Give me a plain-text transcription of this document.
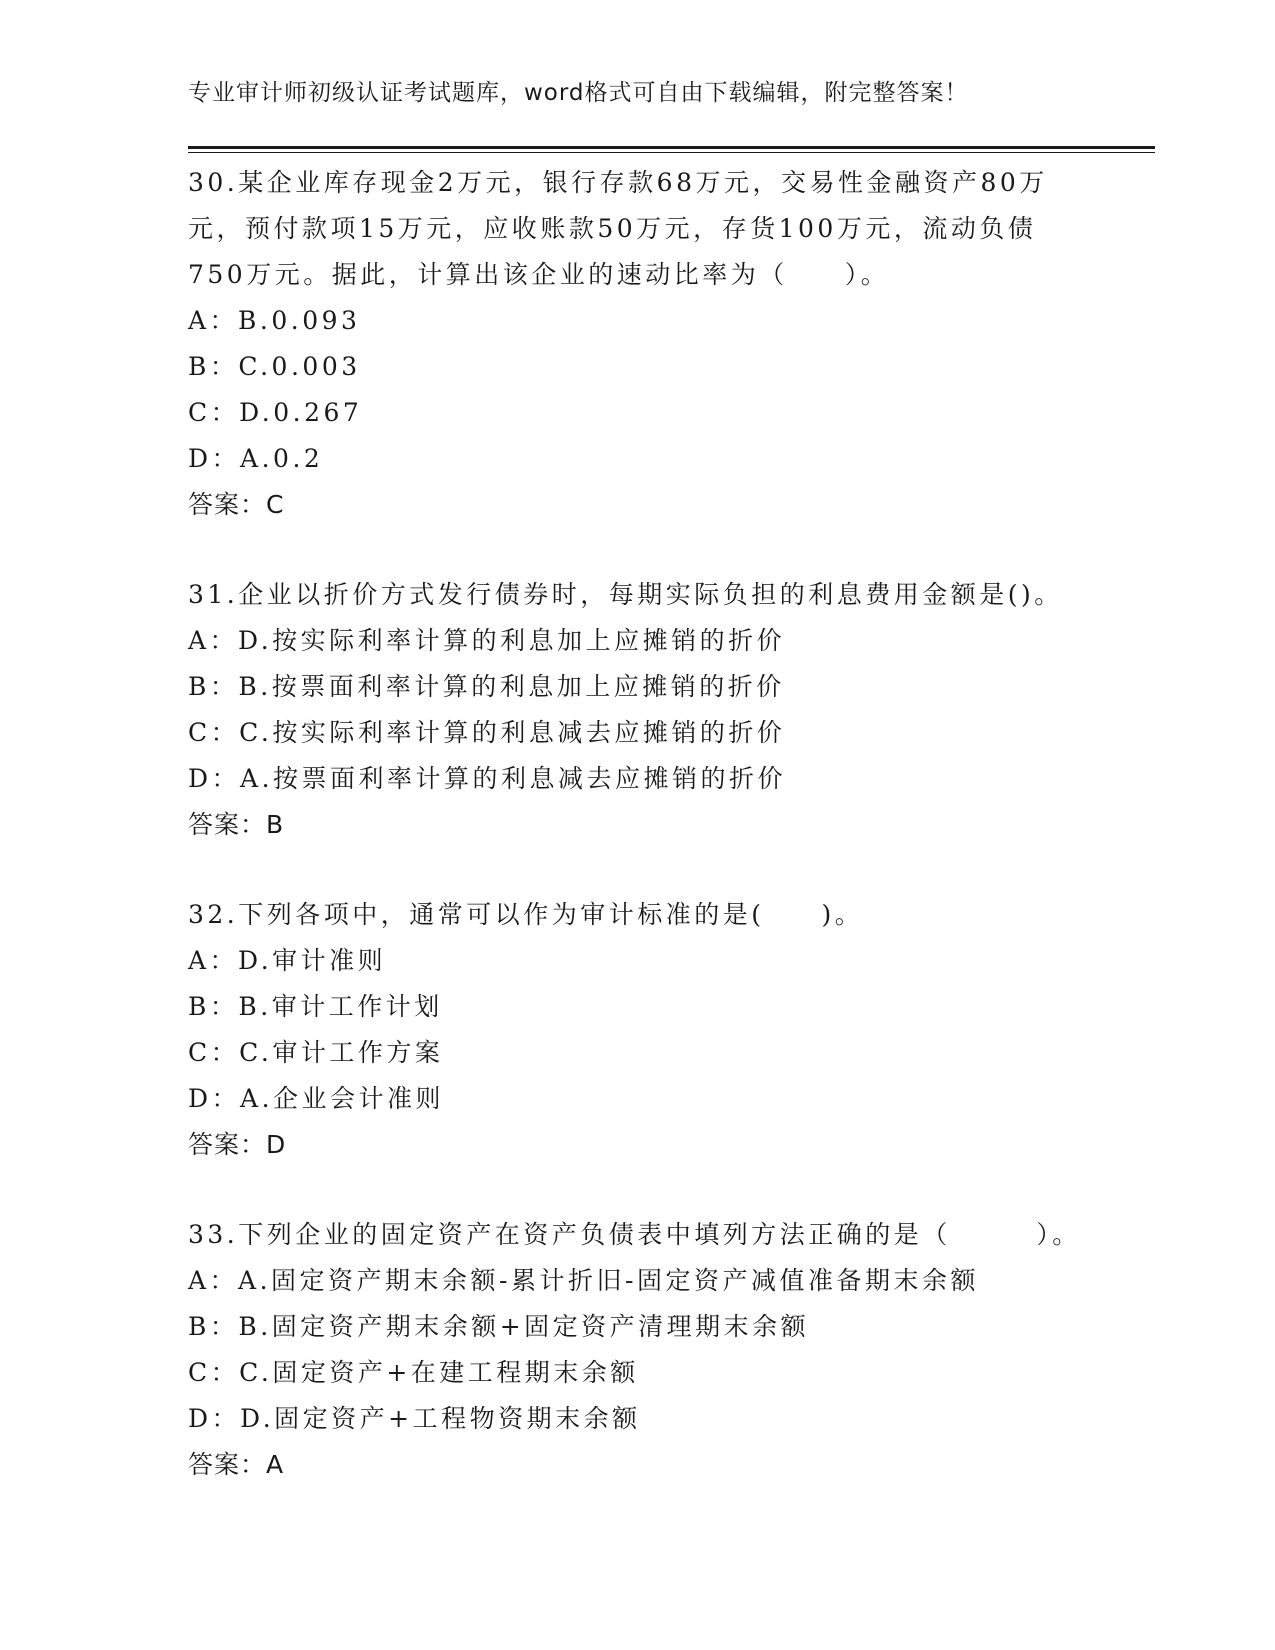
专业审计师初级认证考试题库，word格式可自由下载编辑，附完整答案！
30.某企业库存现金2万元，银行存款68万元，交易性金融资产80万
元，预付款项15万元，应收账款50万元，存货100万元，流动负债
750万元。据此，计算出该企业的速动比率为（　　）。
A：B.0.093
B：C.0.003
C：D.0.267
D：A.0.2
答案：C
31.企业以折价方式发行债券时，每期实际负担的利息费用金额是()。
A：D.按实际利率计算的利息加上应摊销的折价
B：B.按票面利率计算的利息加上应摊销的折价
C：C.按实际利率计算的利息减去应摊销的折价
D：A.按票面利率计算的利息减去应摊销的折价
答案：B
32.下列各项中，通常可以作为审计标准的是(　　)。
A：D.审计准则
B：B.审计工作计划
C：C.审计工作方案
D：A.企业会计准则
答案：D
33.下列企业的固定资产在资产负债表中填列方法正确的是（　　　）。
A：A.固定资产期末余额-累计折旧-固定资产减值准备期末余额
B：B.固定资产期末余额+固定资产清理期末余额
C：C.固定资产+在建工程期末余额
D：D.固定资产+工程物资期末余额
答案：A
